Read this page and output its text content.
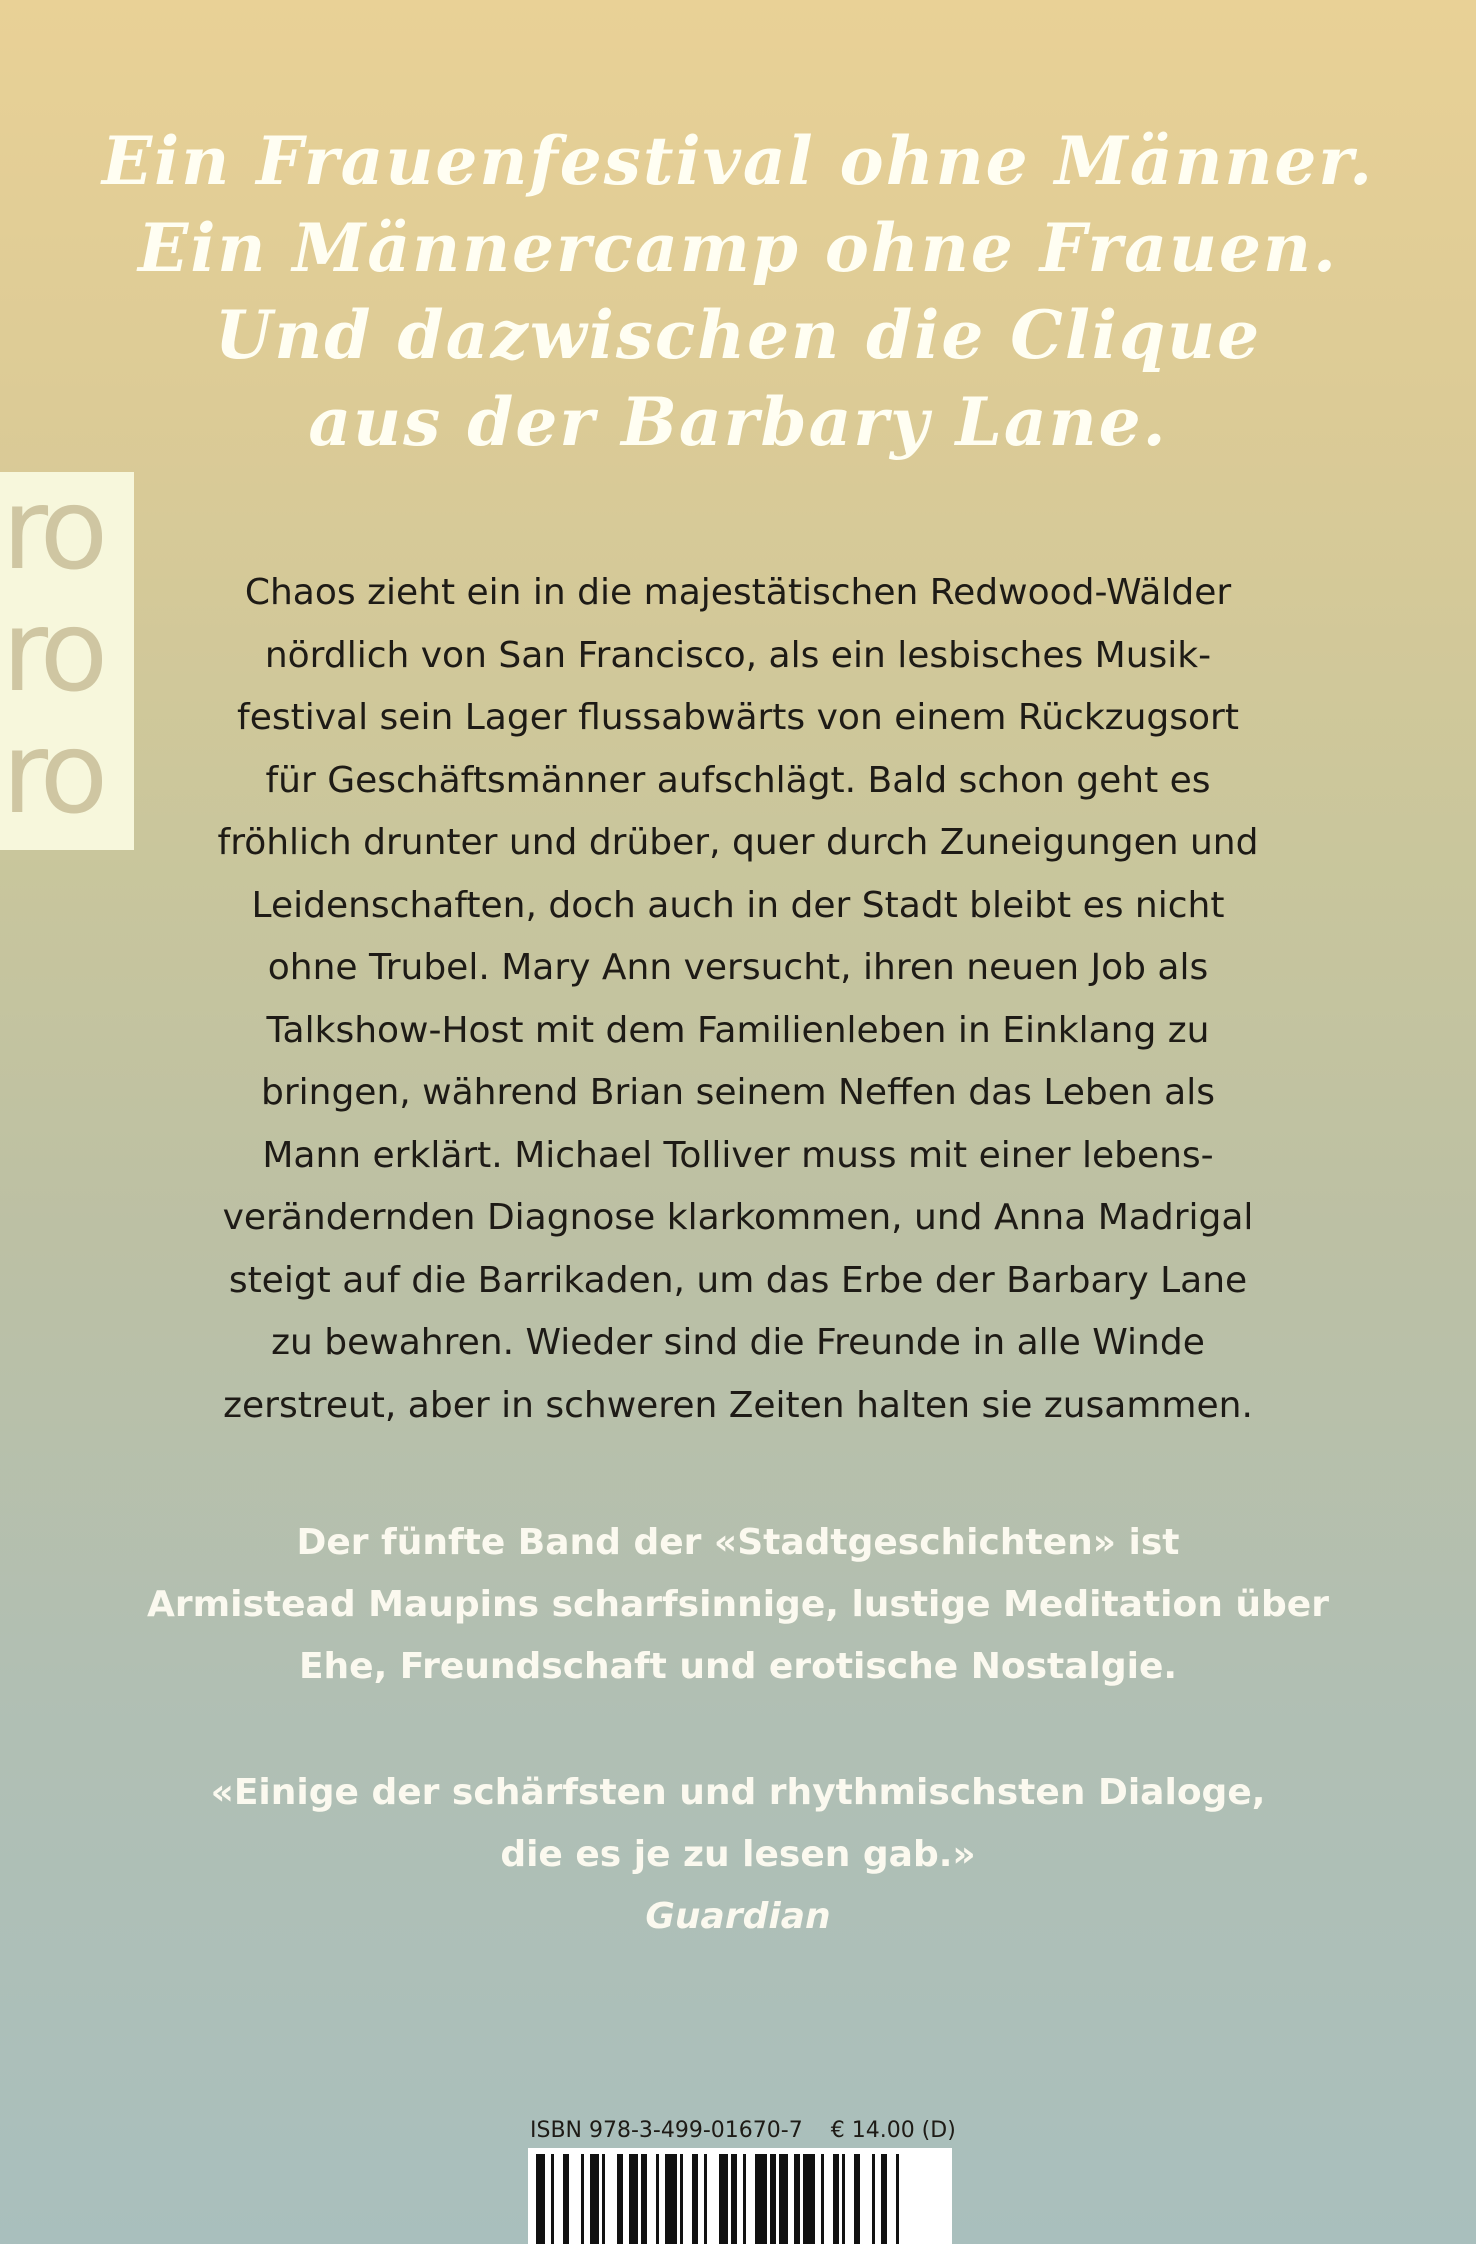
Ein Frauenfestival ohne Männer.
Ein Männercamp ohne Frauen.
Und dazwischen die Clique
aus der Barbary Lane.
ro
ro
ro
Chaos zieht ein in die majestätischen Redwood-Wälder
nördlich von San Francisco, als ein lesbisches Musik-
festival sein Lager flussabwärts von einem Rückzugsort
für Geschäftsmänner aufschlägt. Bald schon geht es
fröhlich drunter und drüber, quer durch Zuneigungen und
Leidenschaften, doch auch in der Stadt bleibt es nicht
ohne Trubel. Mary Ann versucht, ihren neuen Job als
Talkshow-Host mit dem Familienleben in Einklang zu
bringen, während Brian seinem Neffen das Leben als
Mann erklärt. Michael Tolliver muss mit einer lebens-
verändernden Diagnose klarkommen, und Anna Madrigal
steigt auf die Barrikaden, um das Erbe der Barbary Lane
zu bewahren. Wieder sind die Freunde in alle Winde
zerstreut, aber in schweren Zeiten halten sie zusammen.
Der fünfte Band der «Stadtgeschichten» ist
Armistead Maupins scharfsinnige, lustige Meditation über
Ehe, Freundschaft und erotische Nostalgie.
«Einige der schärfsten und rhythmischsten Dialoge,
die es je zu lesen gab.»
Guardian
ISBN 978-3-499-01670-7 € 14.00 (D)
